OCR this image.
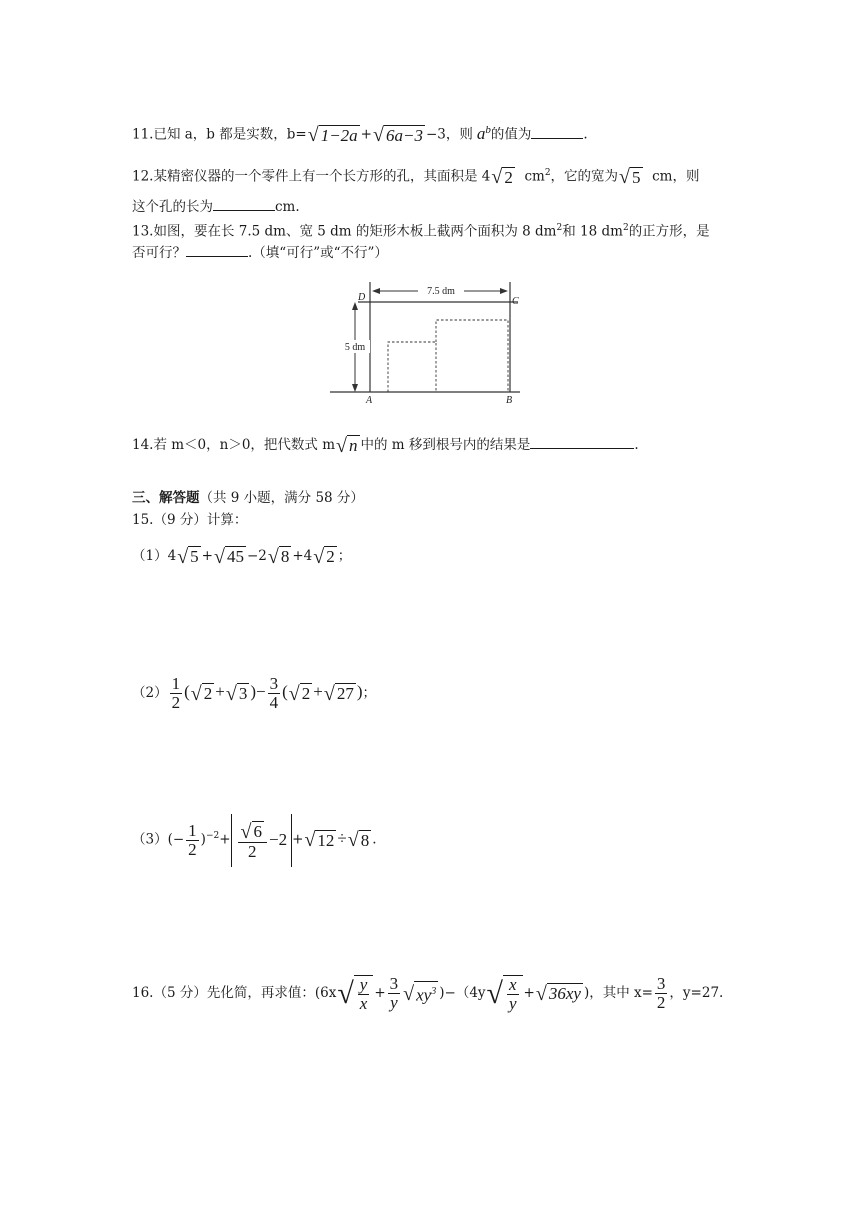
11.已知 a，b 都是实数，b=√ 1−2a +√ 6a−3 −3，则 $a^b$的值为	.
12.某精密仪器的一个零件上有一个长方形的孔，其面积是 4√ 2 $cm^2$，它的宽为√ 5 cm，则
这个孔的长为	cm.
13.如图，要在长 7.5 dm、宽 5 dm 的矩形木板上截两个面积为 8 $dm^2$和 18 $dm^2$的正方形，是
否可行？	.（填“可行”或“不行”）
7.5 dm
5 dm
D	C
A	B
14.若 m＜0，n＞0，把代数式 m√ n 中的 m 移到根号内的结果是	.
三、解答题（共 9 小题，满分 58 分）
15.（9 分）计算：
（1）4√ 5 +√ 45 −2√ 8 +4√ 2 ；
$(2) \frac{1}{2}$ (√ 2 +√ 3 )− $\frac{3}{4}$ (√ 2 +√ 27 )；
$(3)(- \frac{1}{2} )^{-2}+ \frac{√ 6}{2} -2$ +√ 12 ÷√ 8 .
16.（5 分）先化简，再求值：($6x√ \frac{y}{x} + \frac{3}{y}$ √ $xy^3$ )$-(4y√ \frac{x}{y}$ +√ 36xy )，其中 $x= \frac{3}{2}$ ，y=27.
